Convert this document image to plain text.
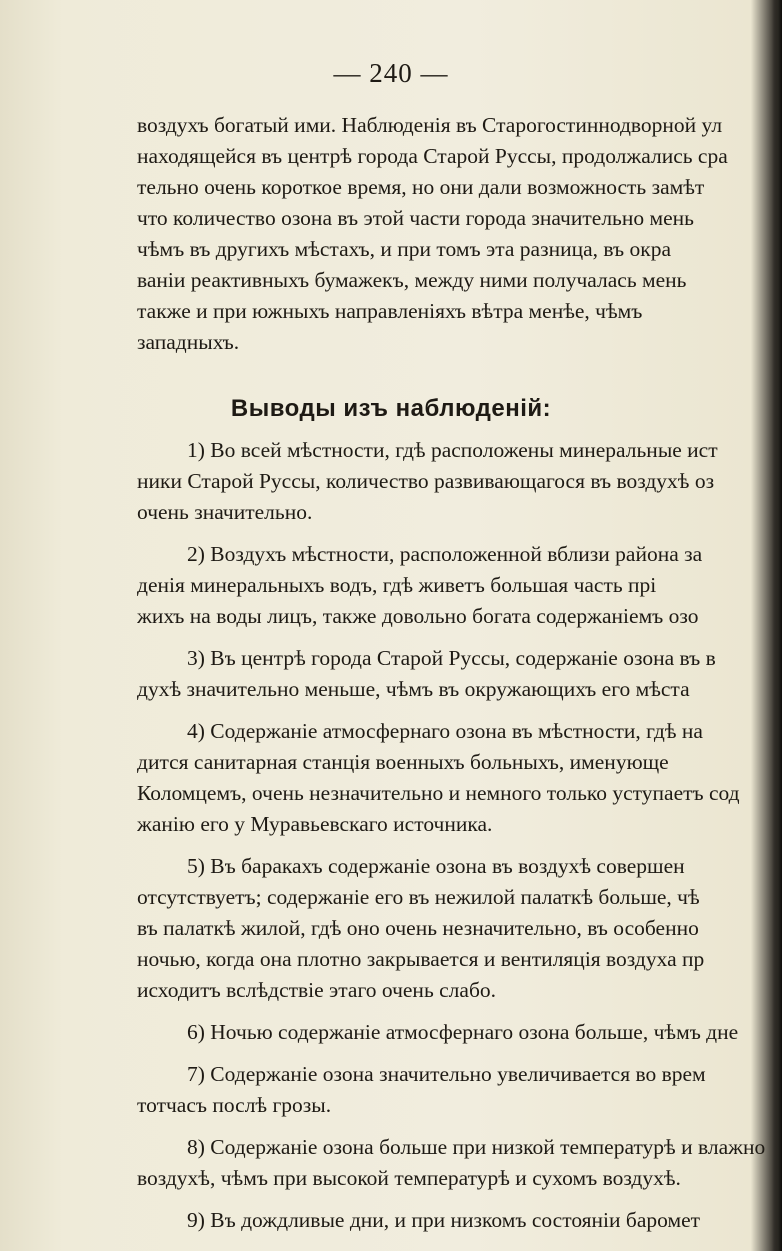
— 240 —
воздухъ богатый ими. Наблюденія въ Старогостиннодворной ул
находящейся въ центрѣ города Старой Руссы, продолжались сра
тельно очень короткое время, но они дали возможность замѣт
что количество озона въ этой части города значительно мень
чѣмъ въ другихъ мѣстахъ, и при томъ эта разница, въ окра
ваніи реактивныхъ бумажекъ, между ними получалась мень
также и при южныхъ направленіяхъ вѣтра менѣе, чѣмъ
западныхъ.
Выводы изъ наблюденій:
1) Во всей мѣстности, гдѣ расположены минеральные ист
ники Старой Руссы, количество развивающагося въ воздухѣ оз
очень значительно.
2) Воздухъ мѣстности, расположенной вблизи района за
денія минеральныхъ водъ, гдѣ живетъ большая часть прі
жихъ на воды лицъ, также довольно богата содержаніемъ озо
3) Въ центрѣ города Старой Руссы, содержаніе озона въ в
духѣ значительно меньше, чѣмъ въ окружающихъ его мѣста
4) Содержаніе атмосфернаго озона въ мѣстности, гдѣ на
дится санитарная станція военныхъ больныхъ, именующе
Коломцемъ, очень незначительно и немного только уступаетъ сод
жанію его у Муравьевскаго источника.
5) Въ баракахъ содержаніе озона въ воздухѣ совершен
отсутствуетъ; содержаніе его въ нежилой палаткѣ больше, чѣ
въ палаткѣ жилой, гдѣ оно очень незначительно, въ особенно
ночью, когда она плотно закрывается и вентиляція воздуха пр
исходитъ вслѣдствіе этаго очень слабо.
6) Ночью содержаніе атмосфернаго озона больше, чѣмъ дне
7) Содержаніе озона значительно увеличивается во врем
тотчасъ послѣ грозы.
8) Содержаніе озона больше при низкой температурѣ и влажно
воздухѣ, чѣмъ при высокой температурѣ и сухомъ воздухѣ.
9) Въ дождливые дни, и при низкомъ состояніи баромет
